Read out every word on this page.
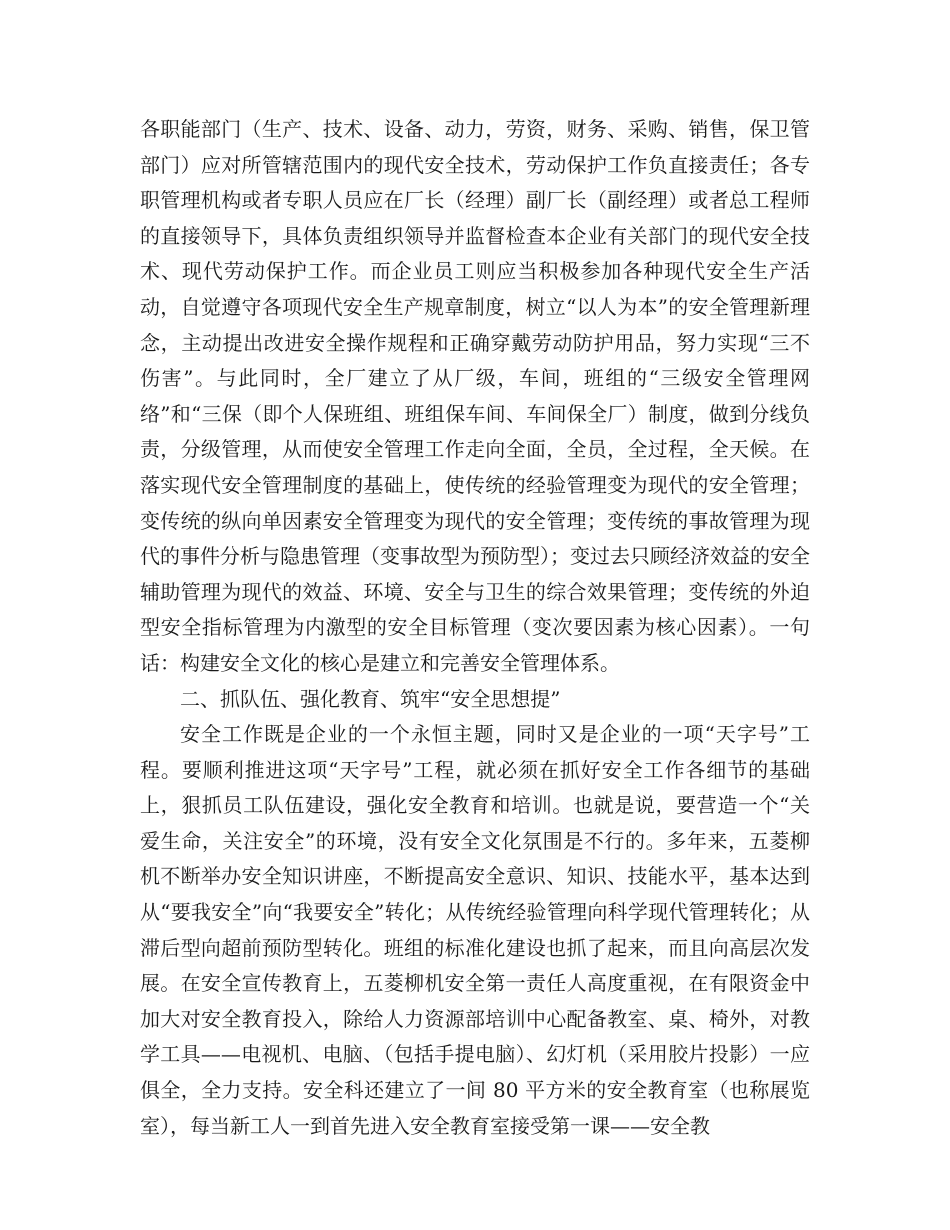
各职能部门（生产、技术、设备、动力，劳资，财务、采购、销售，保卫管部门）应对所管辖范围内的现代安全技术，劳动保护工作负直接责任；各专职管理机构或者专职人员应在厂长（经理）副厂长（副经理）或者总工程师的直接领导下，具体负责组织领导并监督检查本企业有关部门的现代安全技术、现代劳动保护工作。而企业员工则应当积极参加各种现代安全生产活动，自觉遵守各项现代安全生产规章制度，树立“以人为本”的安全管理新理念，主动提出改进安全操作规程和正确穿戴劳动防护用品，努力实现“三不伤害”。与此同时，全厂建立了从厂级，车间，班组的“三级安全管理网络”和“三保（即个人保班组、班组保车间、车间保全厂）制度，做到分线负责，分级管理，从而使安全管理工作走向全面，全员，全过程，全天候。在落实现代安全管理制度的基础上，使传统的经验管理变为现代的安全管理；变传统的纵向单因素安全管理变为现代的安全管理；变传统的事故管理为现代的事件分析与隐患管理（变事故型为预防型）；变过去只顾经济效益的安全辅助管理为现代的效益、环境、安全与卫生的综合效果管理；变传统的外迫型安全指标管理为内激型的安全目标管理（变次要因素为核心因素）。一句话：构建安全文化的核心是建立和完善安全管理体系。

二、抓队伍、强化教育、筑牢“安全思想提”

安全工作既是企业的一个永恒主题，同时又是企业的一项“天字号”工程。要顺利推进这项“天字号”工程，就必须在抓好安全工作各细节的基础上，狠抓员工队伍建设，强化安全教育和培训。也就是说，要营造一个“关爱生命，关注安全”的环境，没有安全文化氛围是不行的。多年来，五菱柳机不断举办安全知识讲座，不断提高安全意识、知识、技能水平，基本达到从“要我安全”向“我要安全”转化；从传统经验管理向科学现代管理转化；从滞后型向超前预防型转化。班组的标准化建设也抓了起来，而且向高层次发展。在安全宣传教育上，五菱柳机安全第一责任人高度重视，在有限资金中加大对安全教育投入，除给人力资源部培训中心配备教室、桌、椅外，对教学工具——电视机、电脑、（包括手提电脑）、幻灯机（采用胶片投影）一应俱全，全力支持。安全科还建立了一间 80 平方米的安全教育室（也称展览室），每当新工人一到首先进入安全教育室接受第一课——安全教
